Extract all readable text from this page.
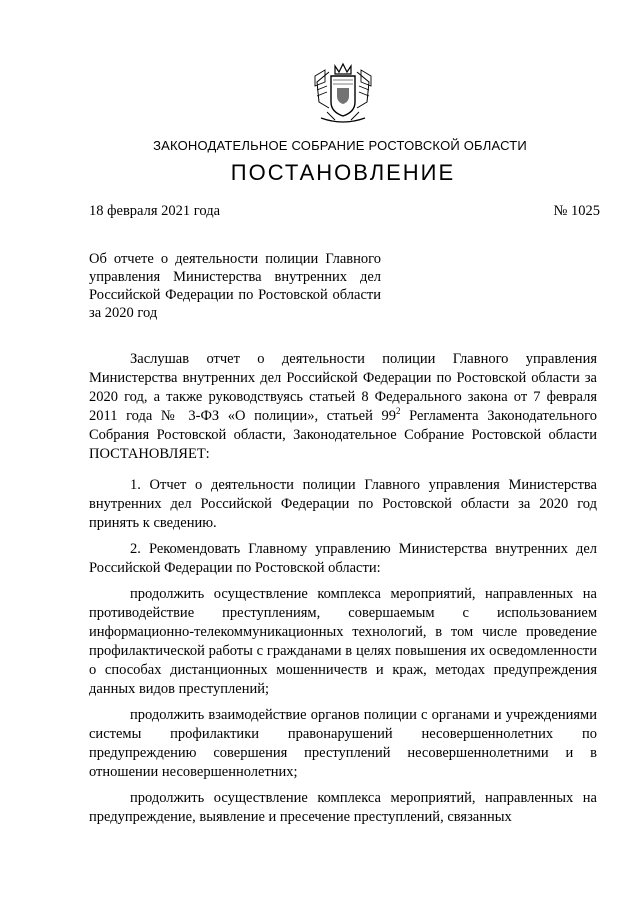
ЗАКОНОДАТЕЛЬНОЕ СОБРАНИЕ РОСТОВСКОЙ ОБЛАСТИ
ПОСТАНОВЛЕНИЕ
18 февраля 2021 года	№ 1025
Об отчете о деятельности полиции Главного управления Министерства внутренних дел Российской Федерации по Ростовской области за 2020 год

Заслушав отчет о деятельности полиции Главного управления Министерства внутренних дел Российской Федерации по Ростовской области за 2020 год, а также руководствуясь статьей 8 Федерального закона от 7 февраля 2011 года № 3-ФЗ «О полиции», статьей $99^2$ Регламента Законодательного Собрания Ростовской области, Законодательное Собрание Ростовской области ПОСТАНОВЛЯЕТ:

1. Отчет о деятельности полиции Главного управления Министерства внутренних дел Российской Федерации по Ростовской области за 2020 год принять к сведению.

2. Рекомендовать Главному управлению Министерства внутренних дел Российской Федерации по Ростовской области:

продолжить осуществление комплекса мероприятий, направленных на противодействие преступлениям, совершаемым с использованием информационно-телекоммуникационных технологий, в том числе проведение профилактической работы с гражданами в целях повышения их осведомленности о способах дистанционных мошенничеств и краж, методах предупреждения данных видов преступлений;

продолжить взаимодействие органов полиции с органами и учреждениями системы профилактики правонарушений несовершеннолетних по предупреждению совершения преступлений несовершеннолетними и в отношении несовершеннолетних;

продолжить осуществление комплекса мероприятий, направленных на предупреждение, выявление и пресечение преступлений, связанных
